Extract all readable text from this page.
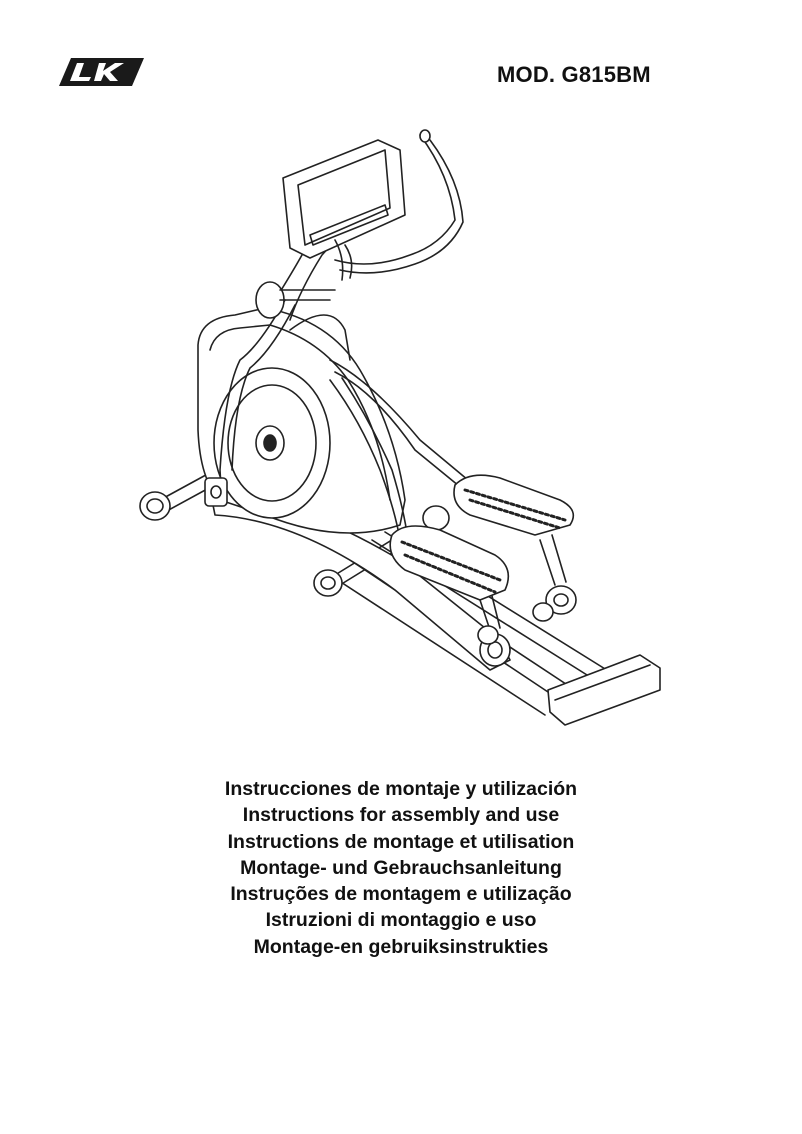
MOD. G815BM
Instrucciones de montaje y utilización
Instructions for assembly and use
Instructions de montage et utilisation
Montage- und Gebrauchsanleitung
Instruções de montagem e utilização
Istruzioni di montaggio e uso
Montage-en gebruiksinstrukties
